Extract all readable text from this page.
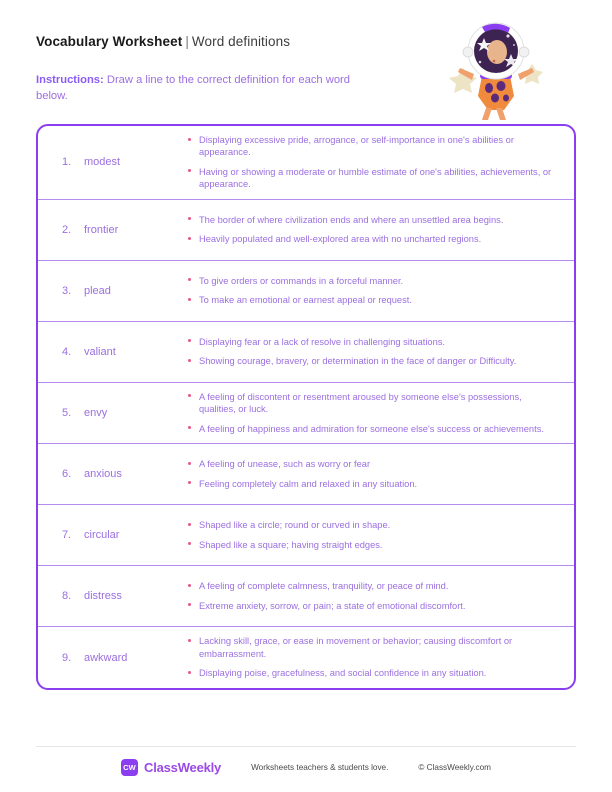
Vocabulary Worksheet | Word definitions
Instructions: Draw a line to the correct definition for each word below.
1.	modest
Displaying excessive pride, arrogance, or self-importance in one's abilities or appearance.
Having or showing a moderate or humble estimate of one's abilities, achievements, or appearance.
2.	frontier
The border of where civilization ends and where an unsettled area begins.
Heavily populated and well-explored area with no uncharted regions.
3.	plead
To give orders or commands in a forceful manner.
To make an emotional or earnest appeal or request.
4.	valiant
Displaying fear or a lack of resolve in challenging situations.
Showing courage, bravery, or determination in the face of danger or Difficulty.
5.	envy
A feeling of discontent or resentment aroused by someone else's possessions, qualities, or luck.
A feeling of happiness and admiration for someone else's success or achievements.
6.	anxious
A feeling of unease, such as worry or fear
Feeling completely calm and relaxed in any situation.
7.	circular
Shaped like a circle; round or curved in shape.
Shaped like a square; having straight edges.
8.	distress
A feeling of complete calmness, tranquility, or peace of mind.
Extreme anxiety, sorrow, or pain; a state of emotional discomfort.
9.	awkward
Lacking skill, grace, or ease in movement or behavior; causing discomfort or embarrassment.
Displaying poise, gracefulness, and social confidence in any situation.
CW ClassWeekly	Worksheets teachers & students love.	© ClassWeekly.com
